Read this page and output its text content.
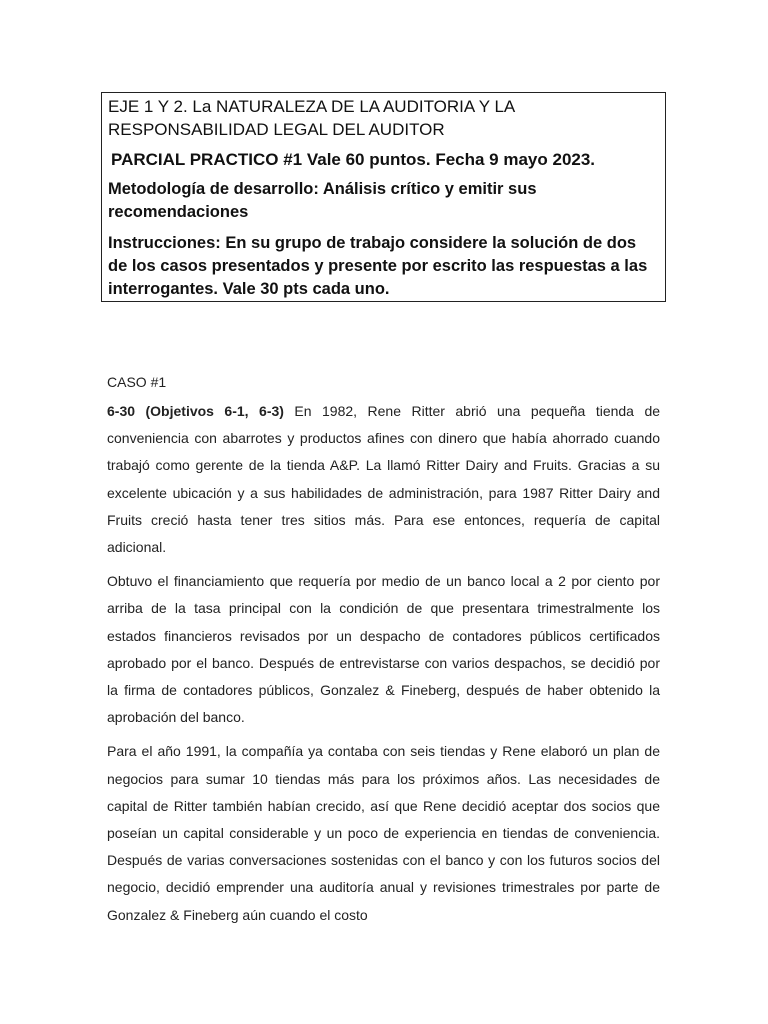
EJE 1 Y 2. La NATURALEZA DE LA AUDITORIA Y LA

RESPONSABILIDAD LEGAL DEL AUDITOR

PARCIAL PRACTICO #1 Vale 60 puntos. Fecha 9 mayo 2023.

Metodología de desarrollo: Análisis crítico y emitir sus recomendaciones

Instrucciones: En su grupo de trabajo considere la solución de dos de los casos presentados y presente por escrito las respuestas a las interrogantes. Vale 30 pts cada uno.

CASO #1

6-30 (Objetivos 6-1, 6-3) En 1982, Rene Ritter abrió una pequeña tienda de conveniencia con abarrotes y productos afines con dinero que había ahorrado cuando trabajó como gerente de la tienda A&P. La llamó Ritter Dairy and Fruits. Gracias a su excelente ubicación y a sus habilidades de administración, para 1987 Ritter Dairy and Fruits creció hasta tener tres sitios más. Para ese entonces, requería de capital adicional.

Obtuvo el financiamiento que requería por medio de un banco local a 2 por ciento por arriba de la tasa principal con la condición de que presentara trimestralmente los estados financieros revisados por un despacho de contadores públicos certificados aprobado por el banco. Después de entrevistarse con varios despachos, se decidió por la firma de contadores públicos, Gonzalez & Fineberg, después de haber obtenido la aprobación del banco.

Para el año 1991, la compañía ya contaba con seis tiendas y Rene elaboró un plan de negocios para sumar 10 tiendas más para los próximos años. Las necesidades de capital de Ritter también habían crecido, así que Rene decidió aceptar dos socios que poseían un capital considerable y un poco de experiencia en tiendas de conveniencia. Después de varias conversaciones sostenidas con el banco y con los futuros socios del negocio, decidió emprender una auditoría anual y revisiones trimestrales por parte de Gonzalez & Fineberg aún cuando el costo
